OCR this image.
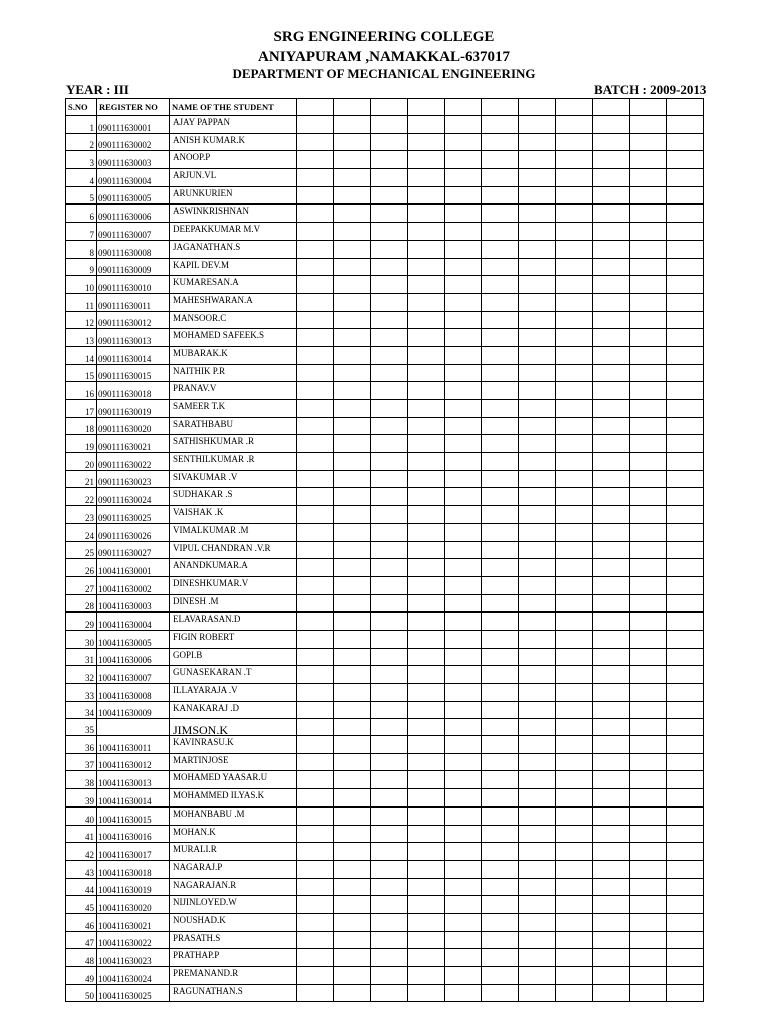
SRG ENGINEERING COLLEGE
ANIYAPURAM ,NAMAKKAL-637017
DEPARTMENT OF MECHANICAL ENGINEERING
YEAR : III	BATCH : 2009-2013
S.NO	REGISTER NO	NAME OF THE STUDENT											
1	090111630001	AJAY PAPPAN											
2	090111630002	ANISH KUMAR.K											
3	090111630003	ANOOP.P											
4	090111630004	ARJUN.VL											
5	090111630005	ARUNKURIEN											
6	090111630006	ASWINKRISHNAN											
7	090111630007	DEEPAKKUMAR M.V											
8	090111630008	JAGANATHAN.S											
9	090111630009	KAPIL DEV.M											
10	090111630010	KUMARESAN.A											
11	090111630011	MAHESHWARAN.A											
12	090111630012	MANSOOR.C											
13	090111630013	MOHAMED SAFEEK.S											
14	090111630014	MUBARAK.K											
15	090111630015	NAITHIK P.R											
16	090111630018	PRANAV.V											
17	090111630019	SAMEER T.K											
18	090111630020	SARATHBABU											
19	090111630021	SATHISHKUMAR .R											
20	090111630022	SENTHILKUMAR .R											
21	090111630023	SIVAKUMAR .V											
22	090111630024	SUDHAKAR .S											
23	090111630025	VAISHAK .K											
24	090111630026	VIMALKUMAR .M											
25	090111630027	VIPUL CHANDRAN .V.R											
26	100411630001	ANANDKUMAR.A											
27	100411630002	DINESHKUMAR.V											
28	100411630003	DINESH .M											
29	100411630004	ELAVARASAN.D											
30	100411630005	FIGIN ROBERT											
31	100411630006	GOPI.B											
32	100411630007	GUNASEKARAN .T											
33	100411630008	ILLAYARAJA .V											
34	100411630009	KANAKARAJ .D											
35		JIMSON.K											
36	100411630011	KAVINRASU.K											
37	100411630012	MARTINJOSE											
38	100411630013	MOHAMED YAASAR.U											
39	100411630014	MOHAMMED ILYAS.K											
40	100411630015	MOHANBABU .M											
41	100411630016	MOHAN.K											
42	100411630017	MURALI.R											
43	100411630018	NAGARAJ.P											
44	100411630019	NAGARAJAN.R											
45	100411630020	NIJINLOYED.W											
46	100411630021	NOUSHAD.K											
47	100411630022	PRASATH.S											
48	100411630023	PRATHAP.P											
49	100411630024	PREMANAND.R											
50	100411630025	RAGUNATHAN.S											
